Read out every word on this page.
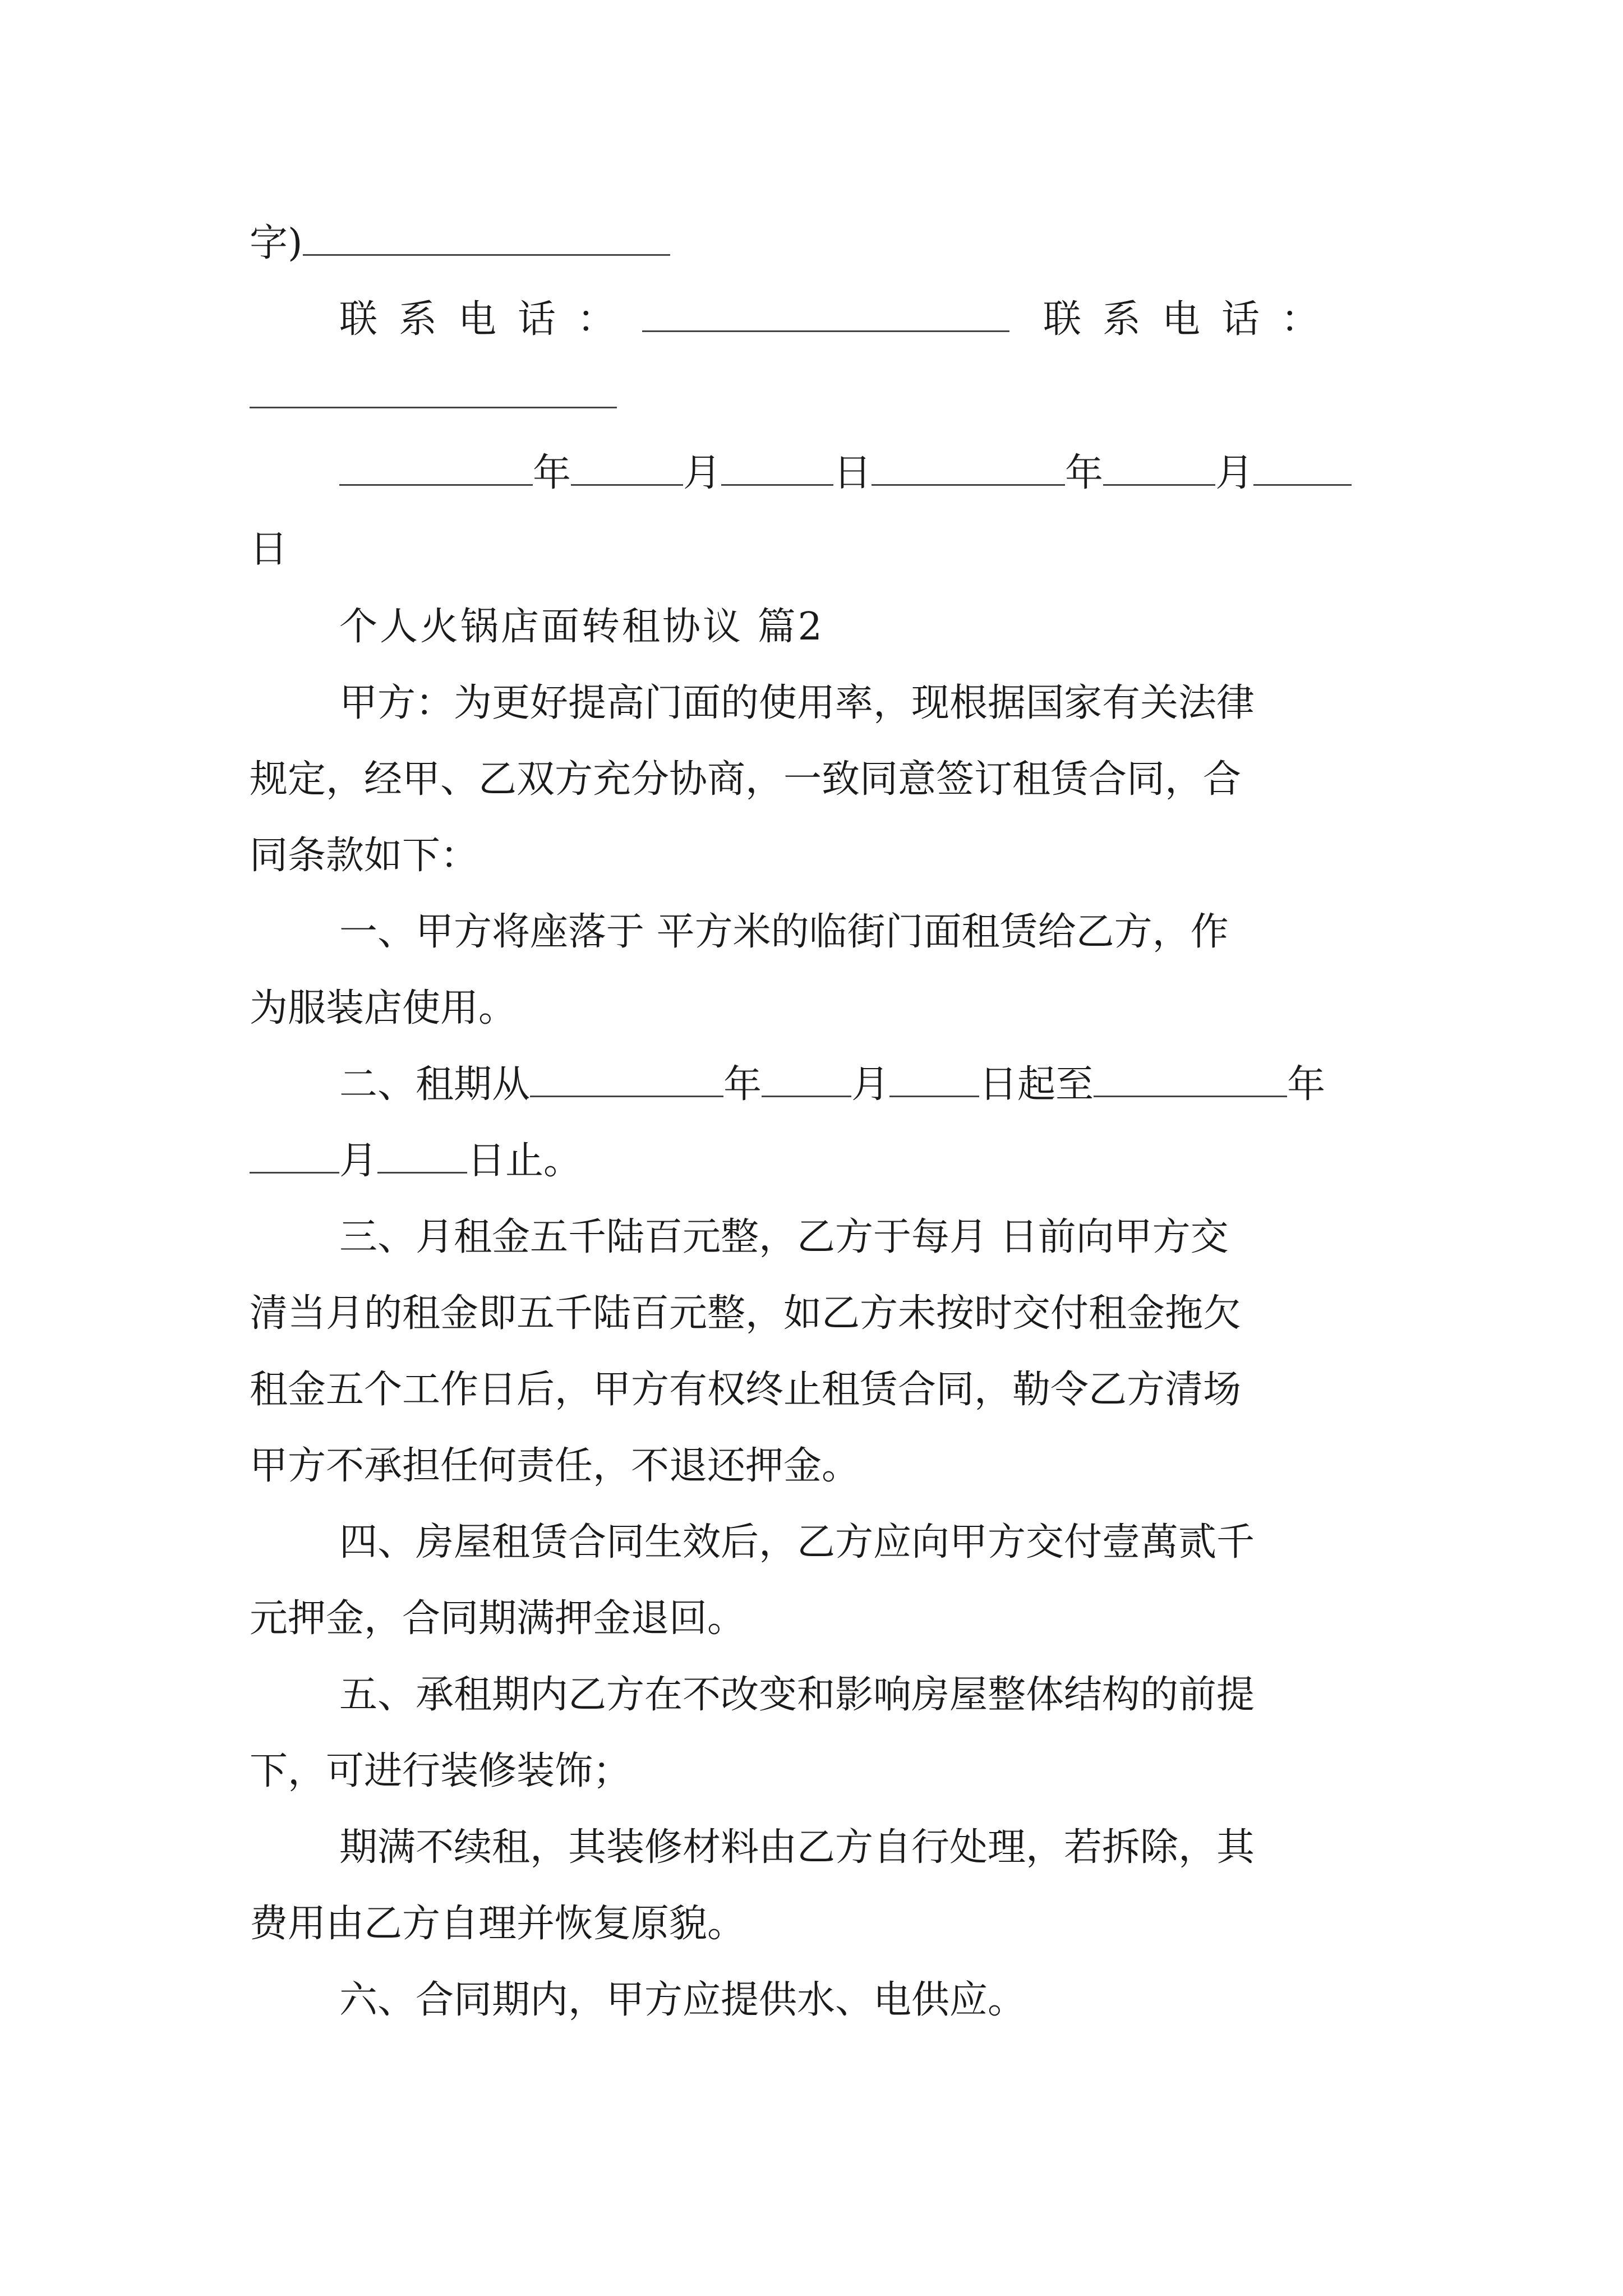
字)
联系电话：	联系电话：
年	月	日	年	月
日
个人火锅店面转租协议 篇2
甲方：为更好提高门面的使用率，现根据国家有关法律
规定，经甲、乙双方充分协商，一致同意签订租赁合同，合
同条款如下：
一、甲方将座落于 平方米的临街门面租赁给乙方，作
为服装店使用。
二、租期从	年 月 日起至	年
月 日止。
三、月租金五千陆百元整，乙方于每月 日前向甲方交
清当月的租金即五千陆百元整，如乙方未按时交付租金拖欠
租金五个工作日后，甲方有权终止租赁合同，勒令乙方清场
甲方不承担任何责任，不退还押金。
四、房屋租赁合同生效后，乙方应向甲方交付壹萬贰千
元押金，合同期满押金退回。
五、承租期内乙方在不改变和影响房屋整体结构的前提
下，可进行装修装饰；
期满不续租，其装修材料由乙方自行处理，若拆除，其
费用由乙方自理并恢复原貌。
六、合同期内，甲方应提供水、电供应。
